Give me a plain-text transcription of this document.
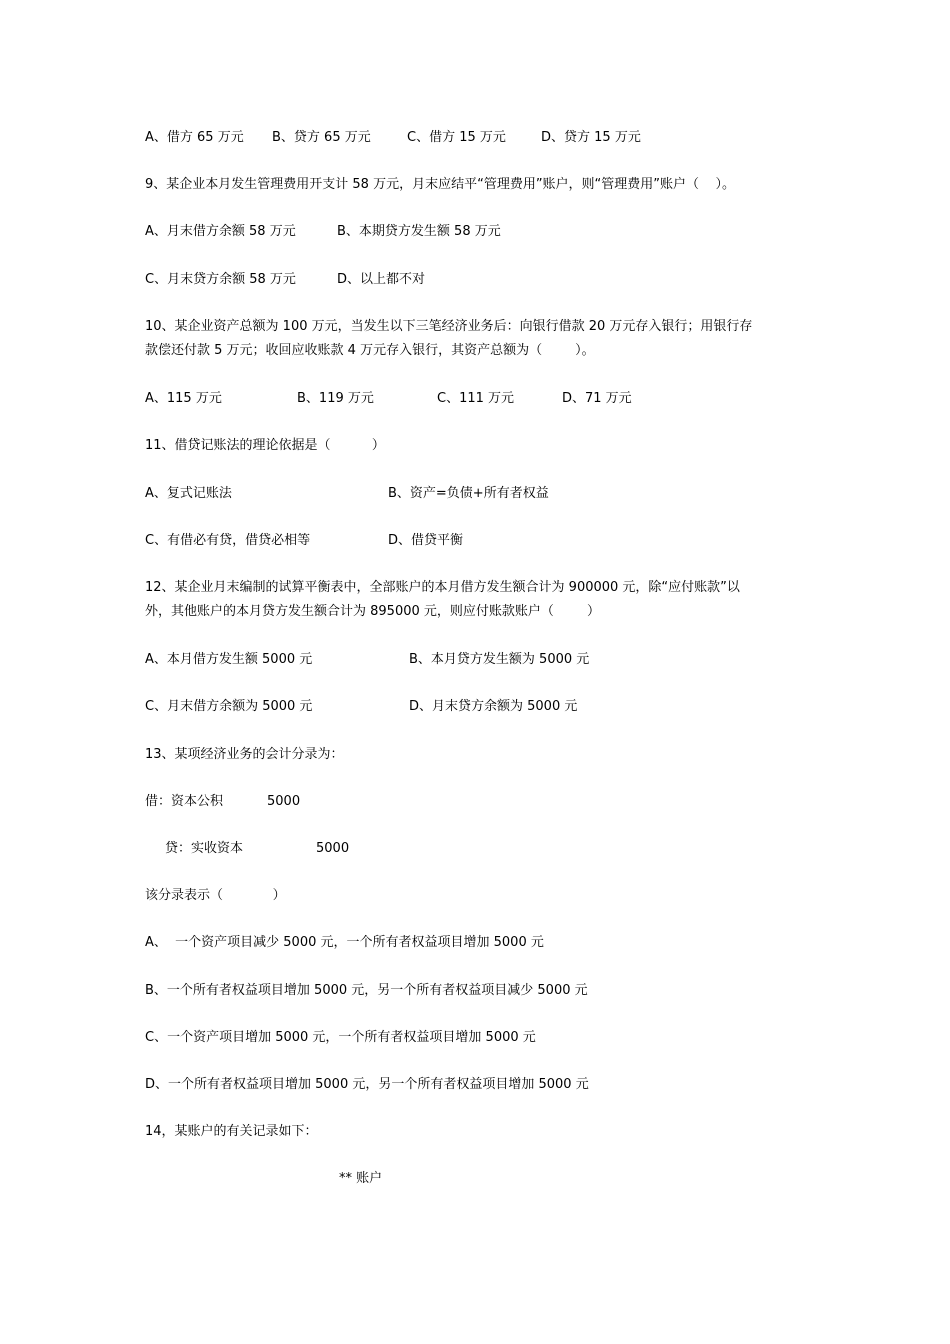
A、借方 65 万元 B、贷方 65 万元	C、借方 15 万元	D、贷方 15 万元
9、某企业本月发生管理费用开支计 58 万元，月末应结平“管理费用”账户，则“管理费用”账户（    ）。
A、月末借方余额 58 万元	B、本期贷方发生额 58 万元
C、月末贷方余额 58 万元	D、以上都不对
10、某企业资产总额为 100 万元，当发生以下三笔经济业务后：向银行借款 20 万元存入银行；用银行存
款偿还付款 5 万元；收回应收账款 4 万元存入银行，其资产总额为（        ）。
A、115 万元	B、119 万元	C、111 万元	D、71 万元
11、借贷记账法的理论依据是（          ）
A、复式记账法	B、资产=负债+所有者权益
C、有借必有贷，借贷必相等	D、借贷平衡
12、某企业月末编制的试算平衡表中，全部账户的本月借方发生额合计为 900000 元，除“应付账款”以
外，其他账户的本月贷方发生额合计为 895000 元，则应付账款账户（        ）
A、本月借方发生额 5000 元	B、本月贷方发生额为 5000 元
C、月末借方余额为 5000 元	D、月末贷方余额为 5000 元
13、某项经济业务的会计分录为：
借：资本公积	5000
贷：实收资本	5000
该分录表示（            ）
A、  一个资产项目减少 5000 元，一个所有者权益项目增加 5000 元
B、一个所有者权益项目增加 5000 元，另一个所有者权益项目减少 5000 元
C、一个资产项目增加 5000 元，一个所有者权益项目增加 5000 元
D、一个所有者权益项目增加 5000 元，另一个所有者权益项目增加 5000 元
14，某账户的有关记录如下：
** 账户
